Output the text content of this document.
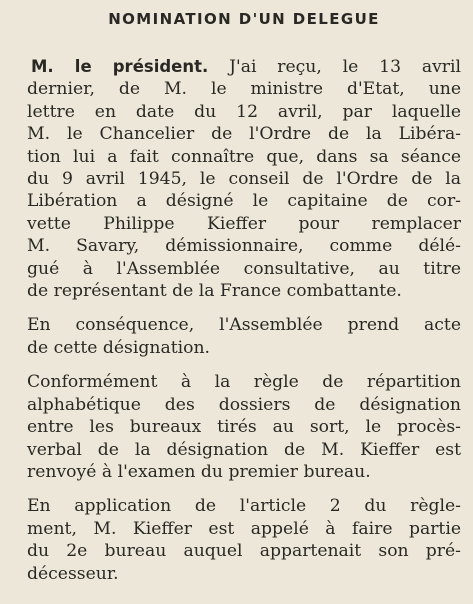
NOMINATION D'UN DELEGUE
M. le président. J'ai reçu, le 13 avril
dernier, de M. le ministre d'Etat, une
lettre en date du 12 avril, par laquelle
M. le Chancelier de l'Ordre de la Libéra-
tion lui a fait connaître que, dans sa séance
du 9 avril 1945, le conseil de l'Ordre de la
Libération a désigné le capitaine de cor-
vette Philippe Kieffer pour remplacer
M. Savary, démissionnaire, comme délé-
gué à l'Assemblée consultative, au titre
de représentant de la France combattante.
En conséquence, l'Assemblée prend acte
de cette désignation.
Conformément à la règle de répartition
alphabétique des dossiers de désignation
entre les bureaux tirés au sort, le procès-
verbal de la désignation de M. Kieffer est
renvoyé à l'examen du premier bureau.
En application de l'article 2 du règle-
ment, M. Kieffer est appelé à faire partie
du 2e bureau auquel appartenait son pré-
décesseur.
